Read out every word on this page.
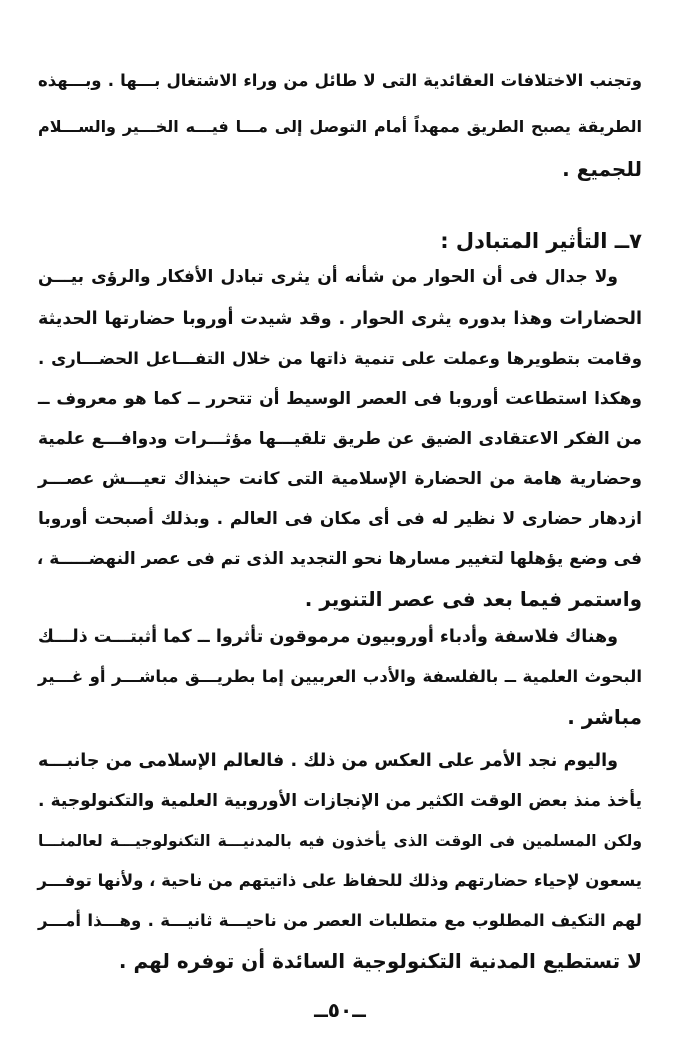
وتجنب الاختلافات العقائدية التى لا طائل من وراء الاشتغال بـــها . وبـــهذه
الطريقة يصبح الطريق ممهداً أمام التوصل إلى مـــا فيـــه الخـــير والســـلام
للجميع .
٧ــ التأثير المتبادل :
ولا جدال فى أن الحوار من شأنه أن يثرى تبادل الأفكار والرؤى بيـــن
الحضارات وهذا بدوره يثرى الحوار . وقد شيدت أوروبا حضارتها الحديثة
وقامت بتطويرها وعملت على تنمية ذاتها من خلال التفـــاعل الحضـــارى .
وهكذا استطاعت أوروبا فى العصر الوسيط أن تتحرر ــ كما هو معروف ــ
من الفكر الاعتقادى الضيق عن طريق تلقيـــها مؤثـــرات ودوافـــع علمية
وحضارية هامة من الحضارة الإسلامية التى كانت حينذاك تعيـــش عصـــر
ازدهار حضارى لا نظير له فى أى مكان فى العالم . وبذلك أصبحت أوروبا
فى وضع يؤهلها لتغيير مسارها نحو التجديد الذى تم فى عصر النهضـــــة ،
واستمر فيما بعد فى عصر التنوير .
وهناك فلاسفة وأدباء أوروبيون مرموقون تأثروا ــ كما أثبتـــت ذلـــك
البحوث العلمية ــ بالفلسفة والأدب العربيين إما بطريـــق مباشـــر أو غـــير
مباشر .
واليوم نجد الأمر على العكس من ذلك . فالعالم الإسلامى من جانبـــه
يأخذ منذ بعض الوقت الكثير من الإنجازات الأوروبية العلمية والتكنولوجية .
ولكن المسلمين فى الوقت الذى يأخذون فيه بالمدنيـــة التكنولوجيـــة لعالمنـــا
يسعون لإحياء حضارتهم وذلك للحفاظ على ذاتيتهم من ناحية ، ولأنها توفـــر
لهم التكيف المطلوب مع متطلبات العصر من ناحيـــة ثانيـــة . وهـــذا أمـــر
لا تستطيع المدنية التكنولوجية السائدة أن توفره لهم .
ــ٥٠ــ
